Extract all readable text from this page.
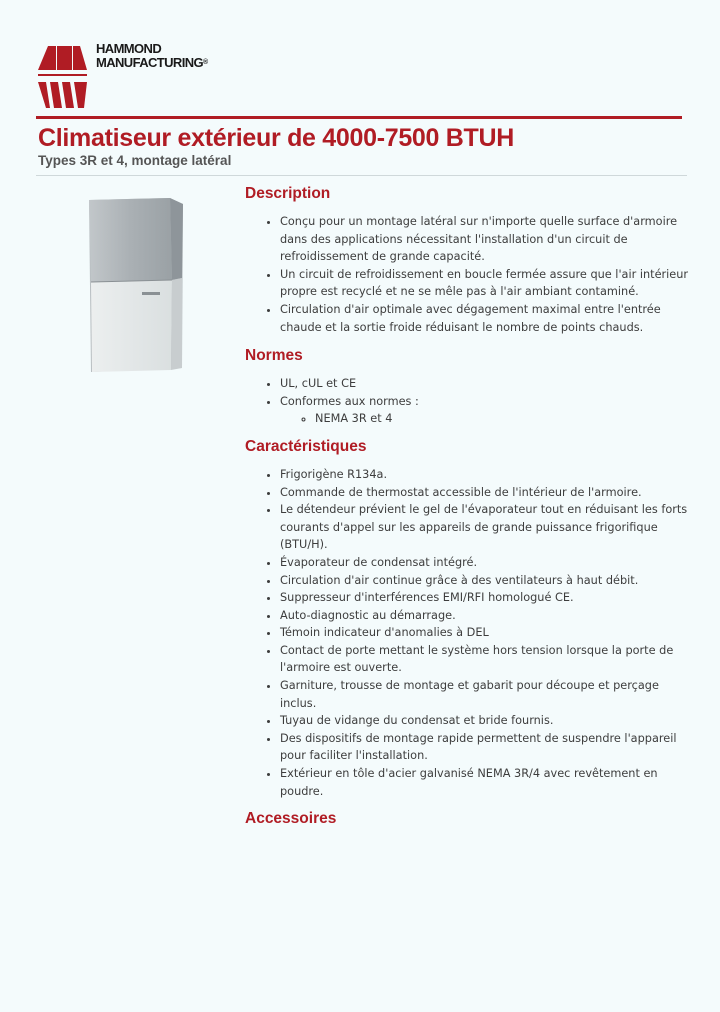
HAMMOND
MANUFACTURING®
Climatiseur extérieur de 4000-7500 BTUH
Types 3R et 4, montage latéral
Description
• Conçu pour un montage latéral sur n'importe quelle surface d'armoire dans des applications nécessitant l'installation d'un circuit de refroidissement de grande capacité.
• Un circuit de refroidissement en boucle fermée assure que l'air intérieur propre est recyclé et ne se mêle pas à l'air ambiant contaminé.
• Circulation d'air optimale avec dégagement maximal entre l'entrée chaude et la sortie froide réduisant le nombre de points chauds.
Normes
• UL, cUL et CE
• Conformes aux normes :
◦ NEMA 3R et 4
Caractéristiques
• Frigorigène R134a.
• Commande de thermostat accessible de l'intérieur de l'armoire.
• Le détendeur prévient le gel de l'évaporateur tout en réduisant les forts courants d'appel sur les appareils de grande puissance frigorifique (BTU/H).
• Évaporateur de condensat intégré.
• Circulation d'air continue grâce à des ventilateurs à haut débit.
• Suppresseur d'interférences EMI/RFI homologué CE.
• Auto-diagnostic au démarrage.
• Témoin indicateur d'anomalies à DEL
• Contact de porte mettant le système hors tension lorsque la porte de l'armoire est ouverte.
• Garniture, trousse de montage et gabarit pour découpe et perçage inclus.
• Tuyau de vidange du condensat et bride fournis.
• Des dispositifs de montage rapide permettent de suspendre l'appareil pour faciliter l'installation.
• Extérieur en tôle d'acier galvanisé NEMA 3R/4 avec revêtement en poudre.
Accessoires
